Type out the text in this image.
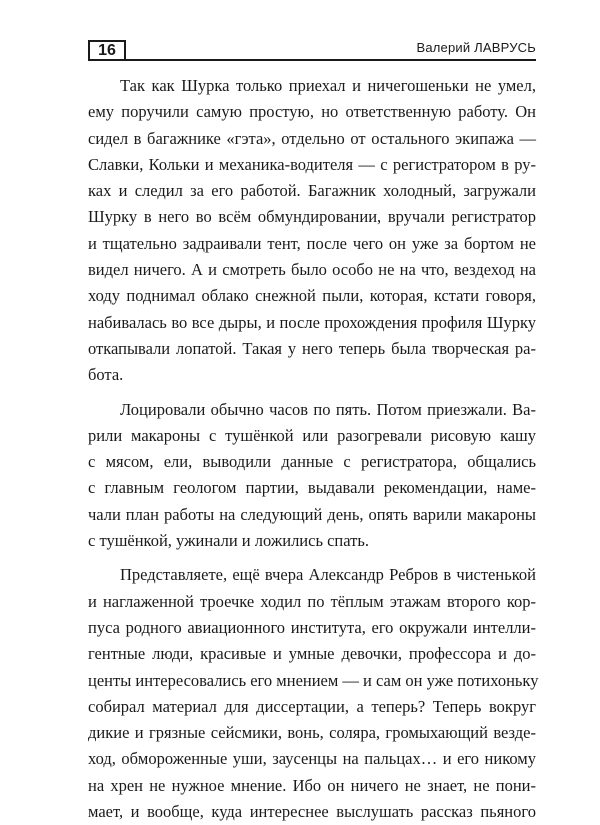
16	Валерий ЛАВРУСЬ
Так как Шурка только приехал и ничегошеньки не умел,
ему поручили самую простую, но ответственную работу. Он
сидел в багажнике «гэта», отдельно от остального экипажа —
Славки, Кольки и механика-водителя — с регистратором в ру-
ках и следил за его работой. Багажник холодный, загружали
Шурку в него во всём обмундировании, вручали регистратор
и тщательно задраивали тент, после чего он уже за бортом не
видел ничего. А и смотреть было особо не на что, вездеход на
ходу поднимал облако снежной пыли, которая, кстати говоря,
набивалась во все дыры, и после прохождения профиля Шурку
откапывали лопатой. Такая у него теперь была творческая ра-
бота.
Лоцировали обычно часов по пять. Потом приезжали. Ва-
рили макароны с тушёнкой или разогревали рисовую кашу
с мясом, ели, выводили данные с регистратора, общались
с главным геологом партии, выдавали рекомендации, наме-
чали план работы на следующий день, опять варили макароны
с тушёнкой, ужинали и ложились спать.
Представляете, ещё вчера Александр Ребров в чистенькой
и наглаженной троечке ходил по тёплым этажам второго кор-
пуса родного авиационного института, его окружали интелли-
гентные люди, красивые и умные девочки, профессора и до-
центы интересовались его мнением — и сам он уже потихоньку
собирал материал для диссертации, а теперь? Теперь вокруг
дикие и грязные сейсмики, вонь, соляра, громыхающий везде-
ход, обмороженные уши, заусенцы на пальцах… и его никому
на хрен не нужное мнение. Ибо он ничего не знает, не пони-
мает, и вообще, куда интереснее выслушать рассказ пьяного
